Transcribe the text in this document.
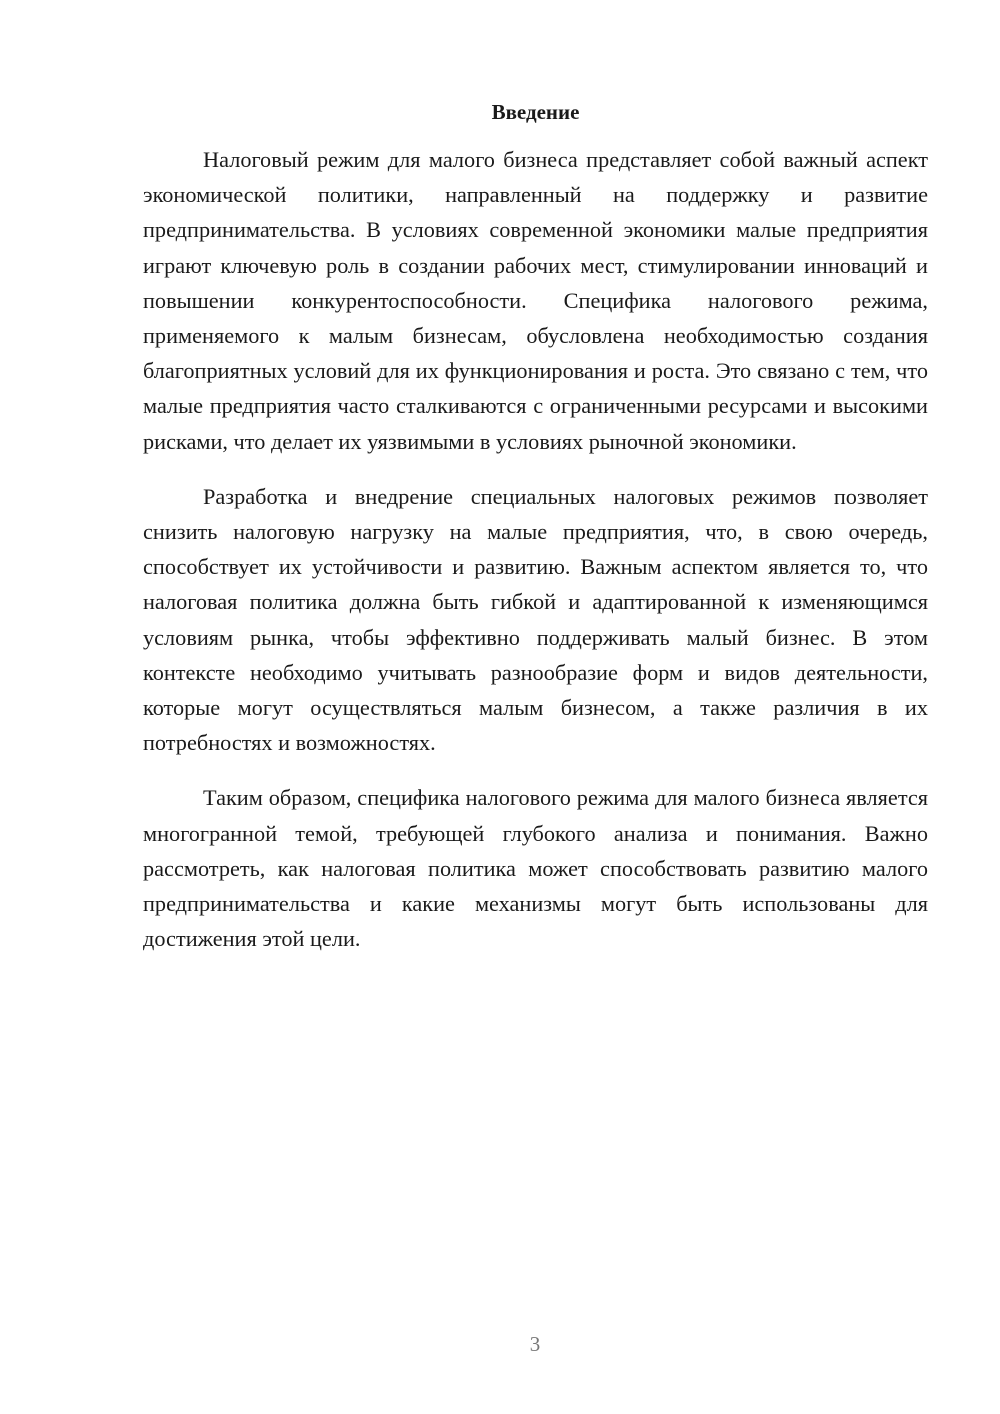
Введение

Налоговый режим для малого бизнеса представляет собой важный аспект экономической политики, направленный на поддержку и развитие предпринимательства. В условиях современной экономики малые предприятия играют ключевую роль в создании рабочих мест, стимулировании инноваций и повышении конкурентоспособности. Специфика налогового режима, применяемого к малым бизнесам, обусловлена необходимостью создания благоприятных условий для их функционирования и роста. Это связано с тем, что малые предприятия часто сталкиваются с ограниченными ресурсами и высокими рисками, что делает их уязвимыми в условиях рыночной экономики.

Разработка и внедрение специальных налоговых режимов позволяет снизить налоговую нагрузку на малые предприятия, что, в свою очередь, способствует их устойчивости и развитию. Важным аспектом является то, что налоговая политика должна быть гибкой и адаптированной к изменяющимся условиям рынка, чтобы эффективно поддерживать малый бизнес. В этом контексте необходимо учитывать разнообразие форм и видов деятельности, которые могут осуществляться малым бизнесом, а также различия в их потребностях и возможностях.

Таким образом, специфика налогового режима для малого бизнеса является многогранной темой, требующей глубокого анализа и понимания. Важно рассмотреть, как налоговая политика может способствовать развитию малого предпринимательства и какие механизмы могут быть использованы для достижения этой цели.

3
